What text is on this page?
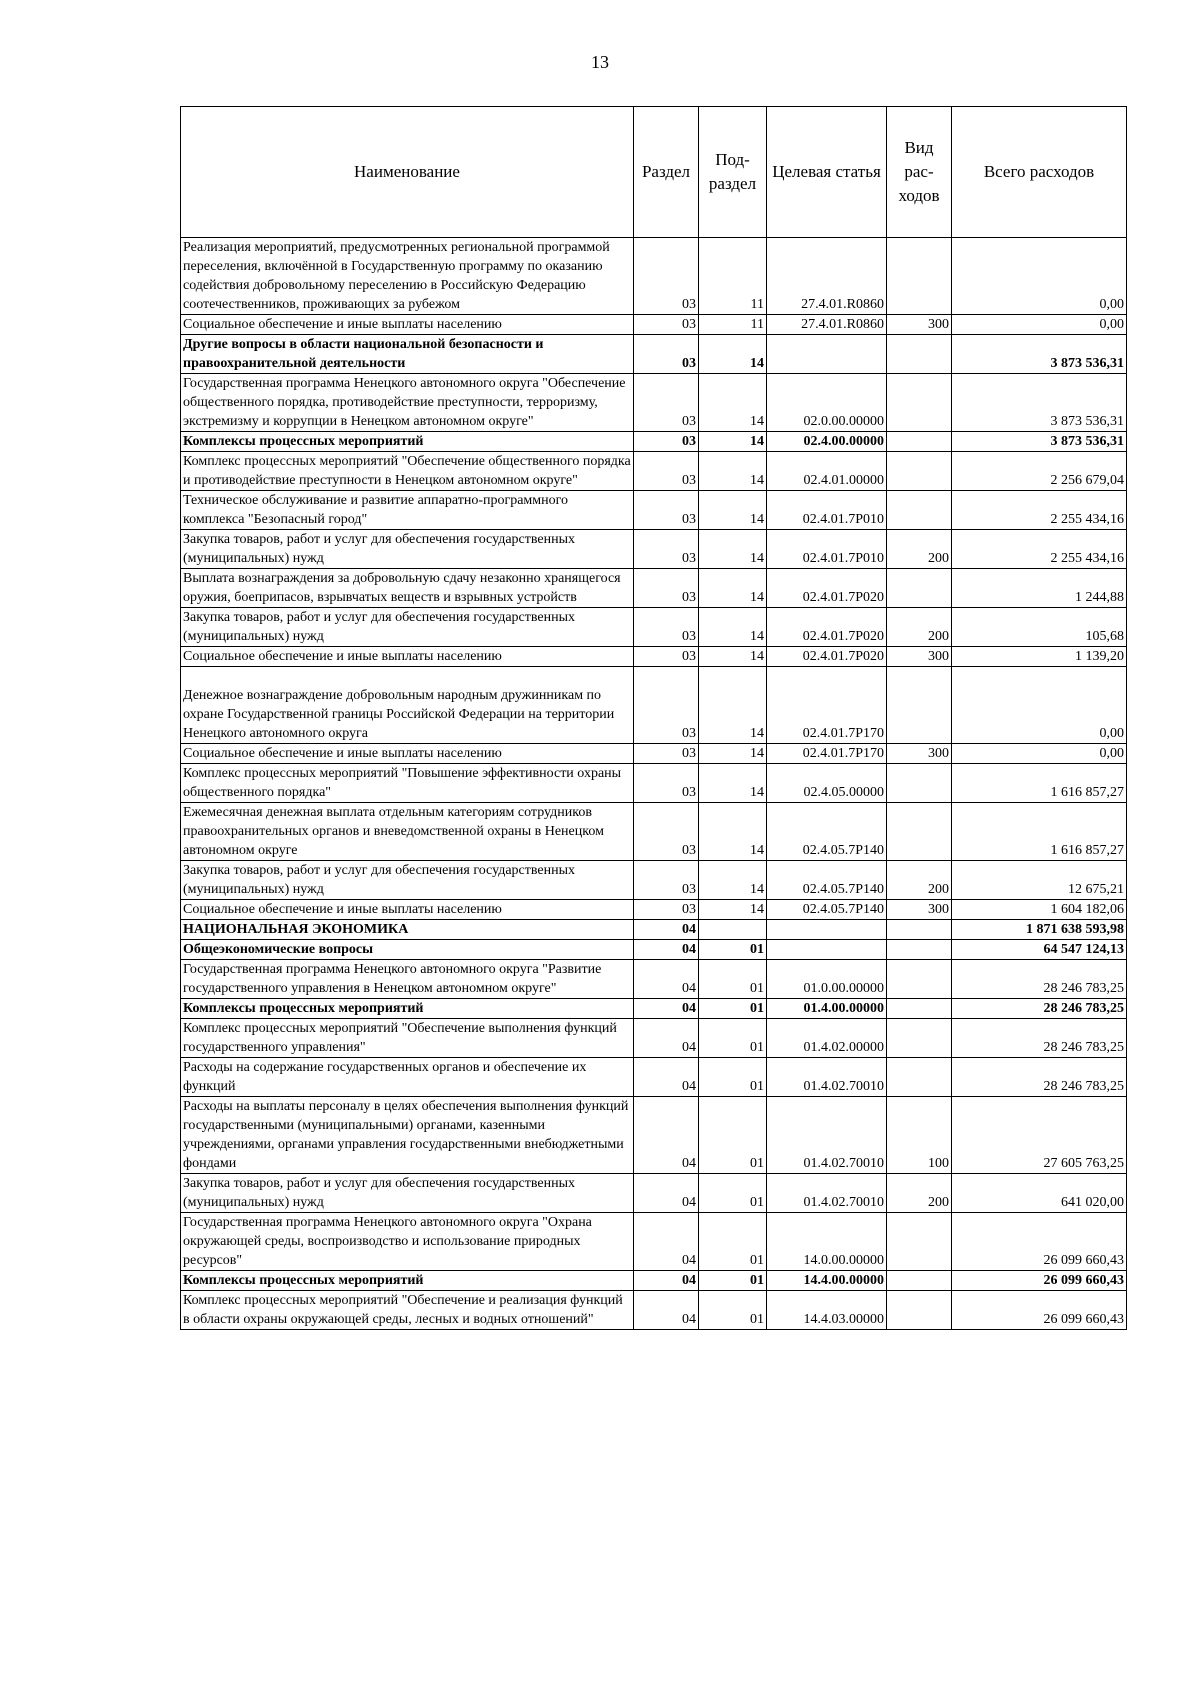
13
Наименование	Раздел	Под-раздел	Целевая статья	Вид рас-ходов	Всего расходов
Реализация мероприятий, предусмотренных региональной программой переселения, включённой в Государственную программу по оказанию содействия добровольному переселению в Российскую Федерацию соотечественников, проживающих за рубежом	03	11	27.4.01.R0860		0,00
Социальное обеспечение и иные выплаты населению	03	11	27.4.01.R0860	300	0,00
Другие вопросы в области национальной безопасности и правоохранительной деятельности	03	14			3 873 536,31
Государственная программа Ненецкого автономного округа "Обеспечение общественного порядка, противодействие преступности, терроризму, экстремизму и коррупции в Ненецком автономном округе"	03	14	02.0.00.00000		3 873 536,31
Комплексы процессных мероприятий	03	14	02.4.00.00000		3 873 536,31
Комплекс процессных мероприятий "Обеспечение общественного порядка и противодействие преступности в Ненецком автономном округе"	03	14	02.4.01.00000		2 256 679,04
Техническое обслуживание и развитие аппаратно-программного комплекса "Безопасный город"	03	14	02.4.01.7Р010		2 255 434,16
Закупка товаров, работ и услуг для обеспечения государственных (муниципальных) нужд	03	14	02.4.01.7Р010	200	2 255 434,16
Выплата вознаграждения за добровольную сдачу незаконно хранящегося оружия, боеприпасов, взрывчатых веществ и взрывных устройств	03	14	02.4.01.7Р020		1 244,88
Закупка товаров, работ и услуг для обеспечения государственных (муниципальных) нужд	03	14	02.4.01.7Р020	200	105,68
Социальное обеспечение и иные выплаты населению	03	14	02.4.01.7Р020	300	1 139,20
Денежное вознаграждение добровольным народным дружинникам по охране Государственной границы Российской Федерации на территории Ненецкого автономного округа	03	14	02.4.01.7Р170		0,00
Социальное обеспечение и иные выплаты населению	03	14	02.4.01.7Р170	300	0,00
Комплекс процессных мероприятий "Повышение эффективности охраны общественного порядка"	03	14	02.4.05.00000		1 616 857,27
Ежемесячная денежная выплата отдельным категориям сотрудников правоохранительных органов и вневедомственной охраны в Ненецком автономном округе	03	14	02.4.05.7Р140		1 616 857,27
Закупка товаров, работ и услуг для обеспечения государственных (муниципальных) нужд	03	14	02.4.05.7Р140	200	12 675,21
Социальное обеспечение и иные выплаты населению	03	14	02.4.05.7Р140	300	1 604 182,06
НАЦИОНАЛЬНАЯ ЭКОНОМИКА	04				1 871 638 593,98
Общеэкономические вопросы	04	01			64 547 124,13
Государственная программа Ненецкого автономного округа "Развитие государственного управления в Ненецком автономном округе"	04	01	01.0.00.00000		28 246 783,25
Комплексы процессных мероприятий	04	01	01.4.00.00000		28 246 783,25
Комплекс процессных мероприятий "Обеспечение выполнения функций государственного управления"	04	01	01.4.02.00000		28 246 783,25
Расходы на содержание государственных органов и обеспечение их функций	04	01	01.4.02.70010		28 246 783,25
Расходы на выплаты персоналу в целях обеспечения выполнения функций государственными (муниципальными) органами, казенными учреждениями, органами управления государственными внебюджетными фондами	04	01	01.4.02.70010	100	27 605 763,25
Закупка товаров, работ и услуг для обеспечения государственных (муниципальных) нужд	04	01	01.4.02.70010	200	641 020,00
Государственная программа Ненецкого автономного округа "Охрана окружающей среды, воспроизводство и использование природных ресурсов"	04	01	14.0.00.00000		26 099 660,43
Комплексы процессных мероприятий	04	01	14.4.00.00000		26 099 660,43
Комплекс процессных мероприятий "Обеспечение и реализация функций в области охраны окружающей среды, лесных и водных отношений"	04	01	14.4.03.00000		26 099 660,43
